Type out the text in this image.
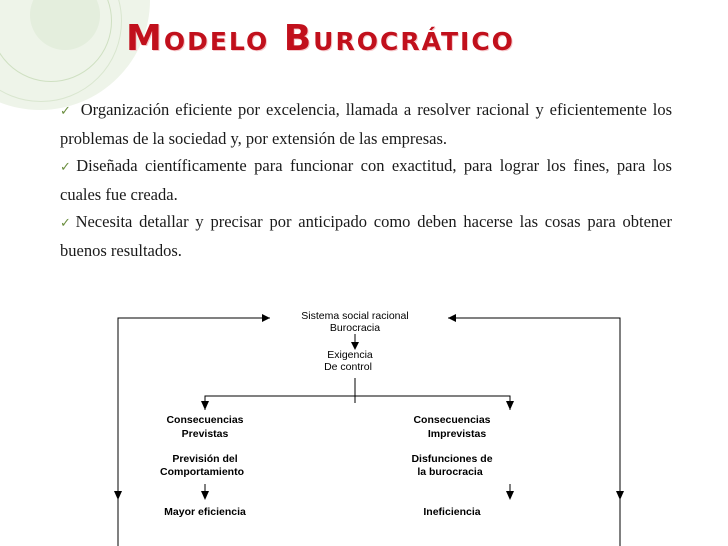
Modelo Burocrático
✓ Organización eficiente por excelencia, llamada a resolver racional y eficientemente los problemas de la sociedad y, por extensión de las empresas.
✓ Diseñada científicamente para funcionar con exactitud, para lograr los fines, para los cuales fue creada.
✓ Necesita detallar y precisar por anticipado como deben hacerse las cosas para obtener buenos resultados.
Sistema social racional
Burocracia
Exigencia
De control
Consecuencias
Previstas
Previsión del
Comportamiento
Mayor eficiencia
Consecuencias
Imprevistas
Disfunciones de
la burocracia
Ineficiencia
